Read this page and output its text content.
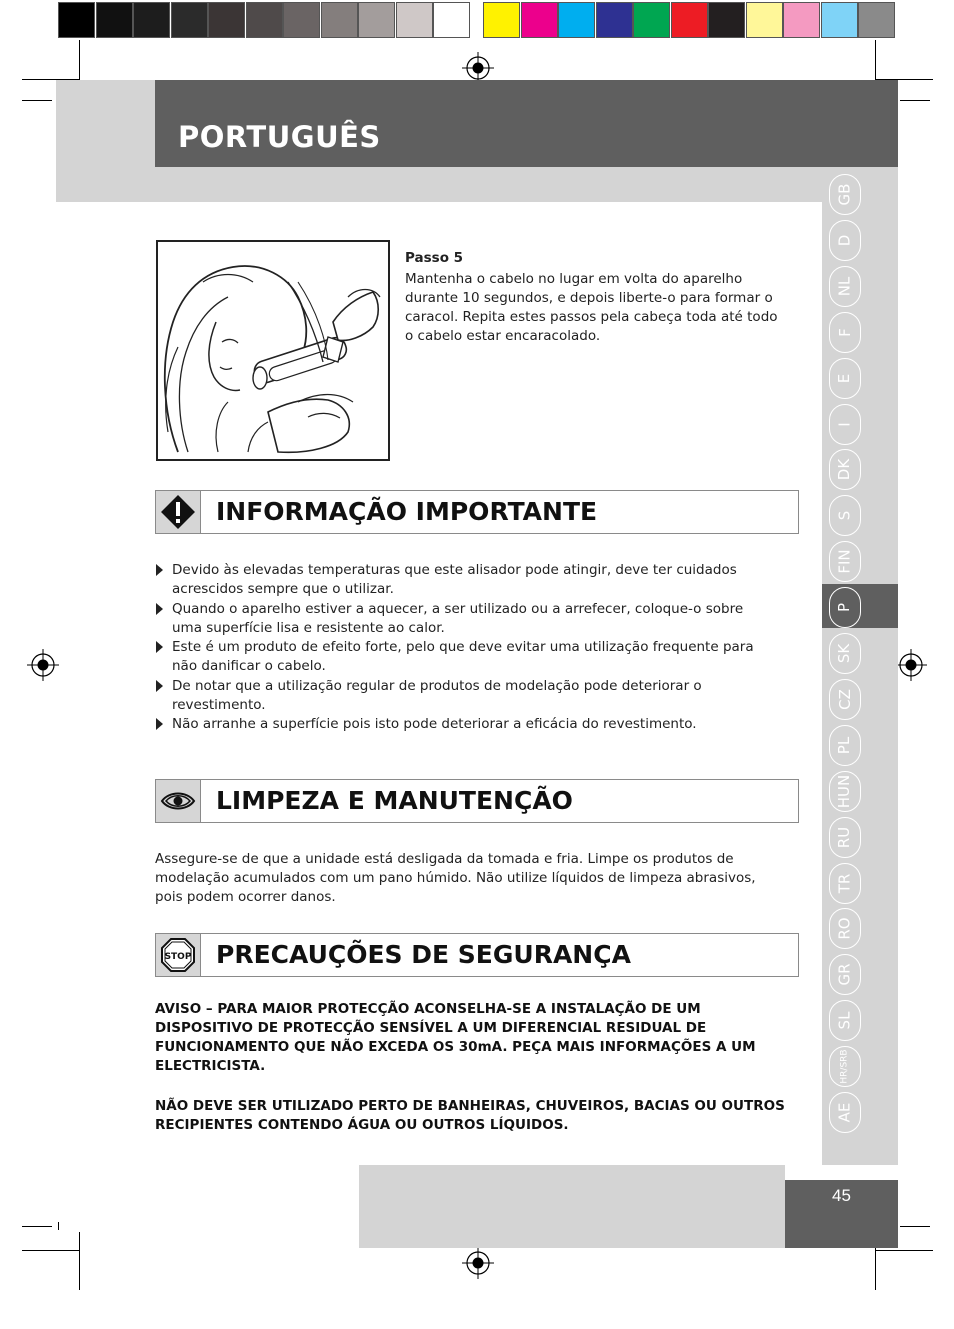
PORTUGUÊS
GB
D
NL
F
E
I
DK
S
FIN
P
SK
CZ
PL
HUN
RU
TR
RO
GR
SL
HR/SRB
AE
Passo 5
Mantenha o cabelo no lugar em volta do aparelho durante 10 segundos, e depois liberte-o para formar o caracol. Repita estes passos pela cabeça toda até todo o cabelo estar encaracolado.
INFORMAÇÃO IMPORTANTE
Devido às elevadas temperaturas que este alisador pode atingir, deve ter cuidados acrescidos sempre que o utilizar.
Quando o aparelho estiver a aquecer, a ser utilizado ou a arrefecer, coloque-o sobre uma superfície lisa e resistente ao calor.
Este é um produto de efeito forte, pelo que deve evitar uma utilização frequente para não danificar o cabelo.
De notar que a utilização regular de produtos de modelação pode deteriorar o revestimento.
Não arranhe a superfície pois isto pode deteriorar a eficácia do revestimento.
LIMPEZA E MANUTENÇÃO
Assegure-se de que a unidade está desligada da tomada e fria. Limpe os produtos de modelação acumulados com um pano húmido. Não utilize líquidos de limpeza abrasivos, pois podem ocorrer danos.
STOP PRECAUÇÕES DE SEGURANÇA
AVISO – PARA MAIOR PROTECÇÃO ACONSELHA-SE A INSTALAÇÃO DE UM DISPOSITIVO DE PROTECÇÃO SENSÍVEL A UM DIFERENCIAL RESIDUAL DE FUNCIONAMENTO QUE NÃO EXCEDA OS 30mA. PEÇA MAIS INFORMAÇÕES A UM ELECTRICISTA.
NÃO DEVE SER UTILIZADO PERTO DE BANHEIRAS, CHUVEIROS, BACIAS OU OUTROS RECIPIENTES CONTENDO ÁGUA OU OUTROS LÍQUIDOS.
45
